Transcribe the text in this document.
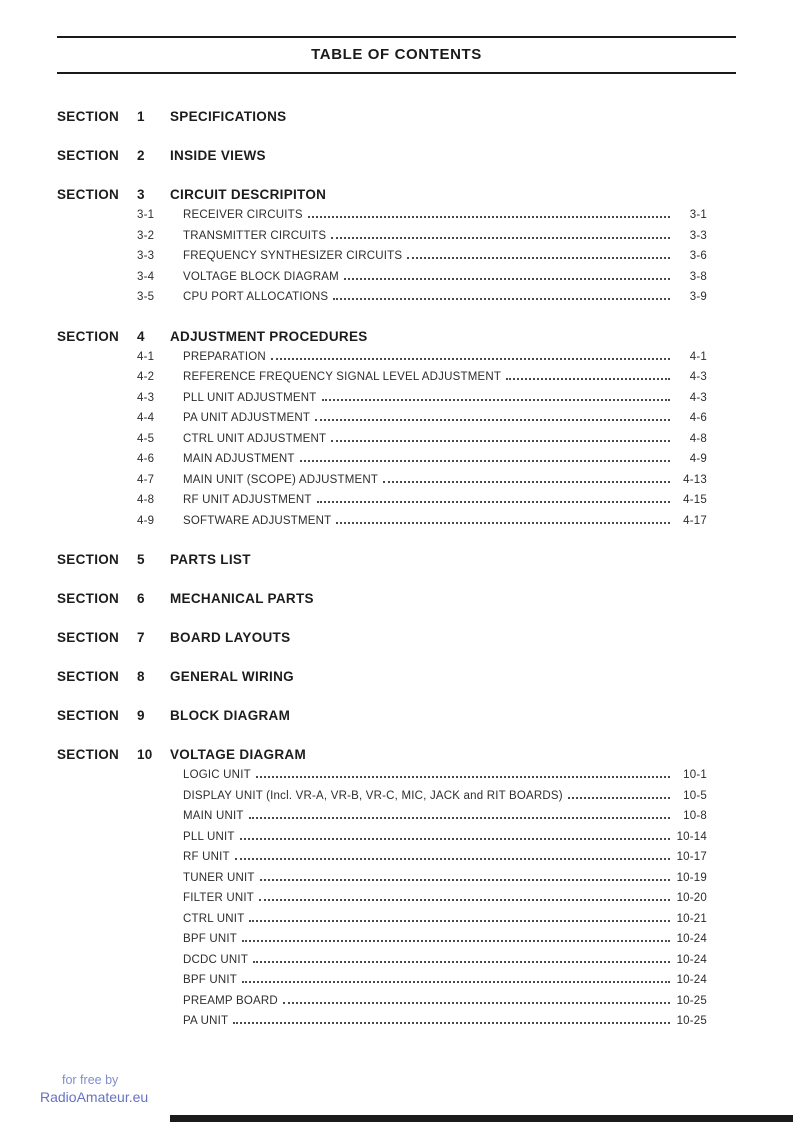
TABLE OF CONTENTS
SECTION	1	SPECIFICATIONS
SECTION	2	INSIDE VIEWS
SECTION	3	CIRCUIT DESCRIPITON
3-1	RECEIVER CIRCUITS	3-1
3-2	TRANSMITTER CIRCUITS	3-3
3-3	FREQUENCY SYNTHESIZER CIRCUITS	3-6
3-4	VOLTAGE BLOCK DIAGRAM	3-8
3-5	CPU PORT ALLOCATIONS	3-9
SECTION	4	ADJUSTMENT PROCEDURES
4-1	PREPARATION	4-1
4-2	REFERENCE FREQUENCY SIGNAL LEVEL ADJUSTMENT	4-3
4-3	PLL UNIT ADJUSTMENT	4-3
4-4	PA UNIT ADJUSTMENT	4-6
4-5	CTRL UNIT ADJUSTMENT	4-8
4-6	MAIN ADJUSTMENT	4-9
4-7	MAIN UNIT (SCOPE) ADJUSTMENT	4-13
4-8	RF UNIT ADJUSTMENT	4-15
4-9	SOFTWARE ADJUSTMENT	4-17
SECTION	5	PARTS LIST
SECTION	6	MECHANICAL PARTS
SECTION	7	BOARD LAYOUTS
SECTION	8	GENERAL WIRING
SECTION	9	BLOCK DIAGRAM
SECTION	10	VOLTAGE DIAGRAM
LOGIC UNIT	10-1
DISPLAY UNIT (Incl. VR-A, VR-B, VR-C, MIC, JACK and RIT BOARDS)	10-5
MAIN UNIT	10-8
PLL UNIT	10-14
RF UNIT	10-17
TUNER UNIT	10-19
FILTER UNIT	10-20
CTRL UNIT	10-21
BPF UNIT	10-24
DCDC UNIT	10-24
BPF UNIT	10-24
PREAMP BOARD	10-25
PA UNIT	10-25
for free by
RadioAmateur.eu
